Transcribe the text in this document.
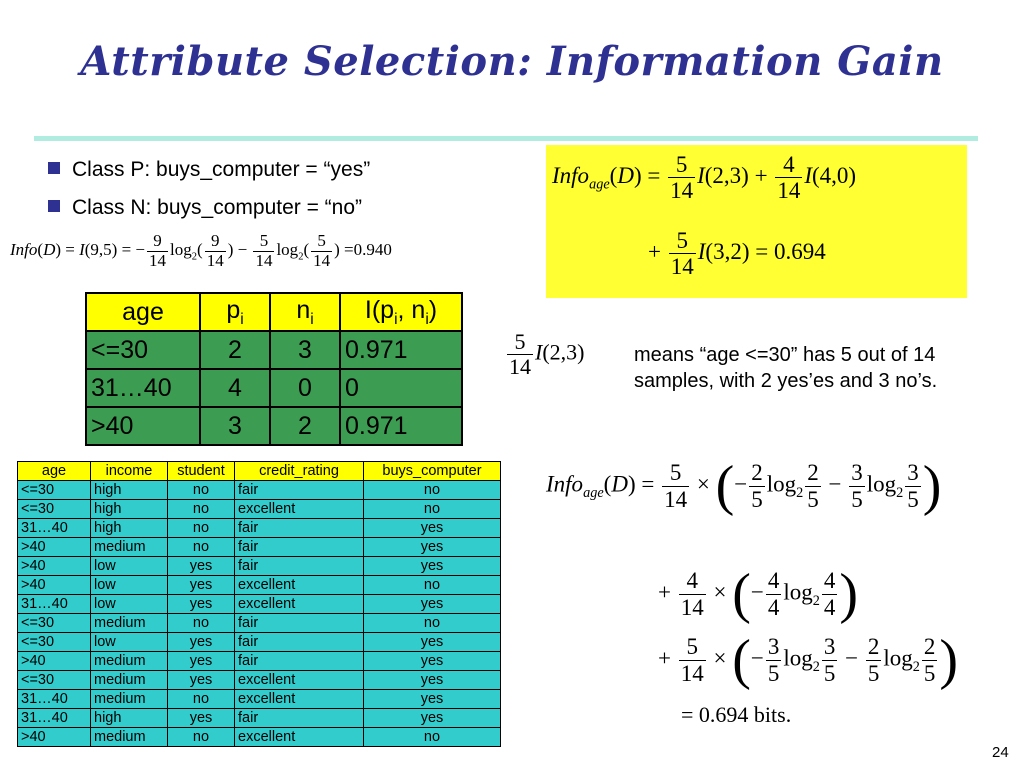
Attribute Selection: Information Gain
Class P: buys_computer = “yes”
Class N: buys_computer = “no”
Info(D) = I(9,5) = − $\frac{9}{14} \log_2( \frac{9}{14}$ ) − $\frac{5}{14} \log_2( \frac{5}{14}$ ) =0.940
Info$_{age}$(D) = $\frac{5}{14} I(2,3) + \frac{4}{14} I(4,0)$
+ $\frac{5}{14} I(3,2) = 0.694$
age	$p_i$	$n_i$	$I(p_i$, $n_i$)
<=30	2	3	0.971
31…40	4	0	0
>40	3	2	0.971
$\frac{5}{14} I(2,3)$ means “age <=30” has 5 out of 14 samples, with 2 yes’es and 3 no’s.
age	income	student	credit_rating	buys_computer
<=30	high	no	fair	no
<=30	high	no	excellent	no
31…40	high	no	fair	yes
>40	medium	no	fair	yes
>40	low	yes	fair	yes
>40	low	yes	excellent	no
31…40	low	yes	excellent	yes
<=30	medium	no	fair	no
<=30	low	yes	fair	yes
>40	medium	yes	fair	yes
<=30	medium	yes	excellent	yes
31…40	medium	no	excellent	yes
31…40	high	yes	fair	yes
>40	medium	no	excellent	no
Info$_{age}$(D) = $\frac{5}{14}$ × (− $\frac{2}{5} \log_2 \frac{2}{5} - \frac{3}{5} \log_2 \frac{3}{5}$ )
+ $\frac{4}{14}$ × (− $\frac{4}{4} \log_2 \frac{4}{4}$ )
+ $\frac{5}{14}$ × (− $\frac{3}{5} \log_2 \frac{3}{5} - \frac{2}{5} \log_2 \frac{2}{5}$ )
= 0.694 bits.
24
